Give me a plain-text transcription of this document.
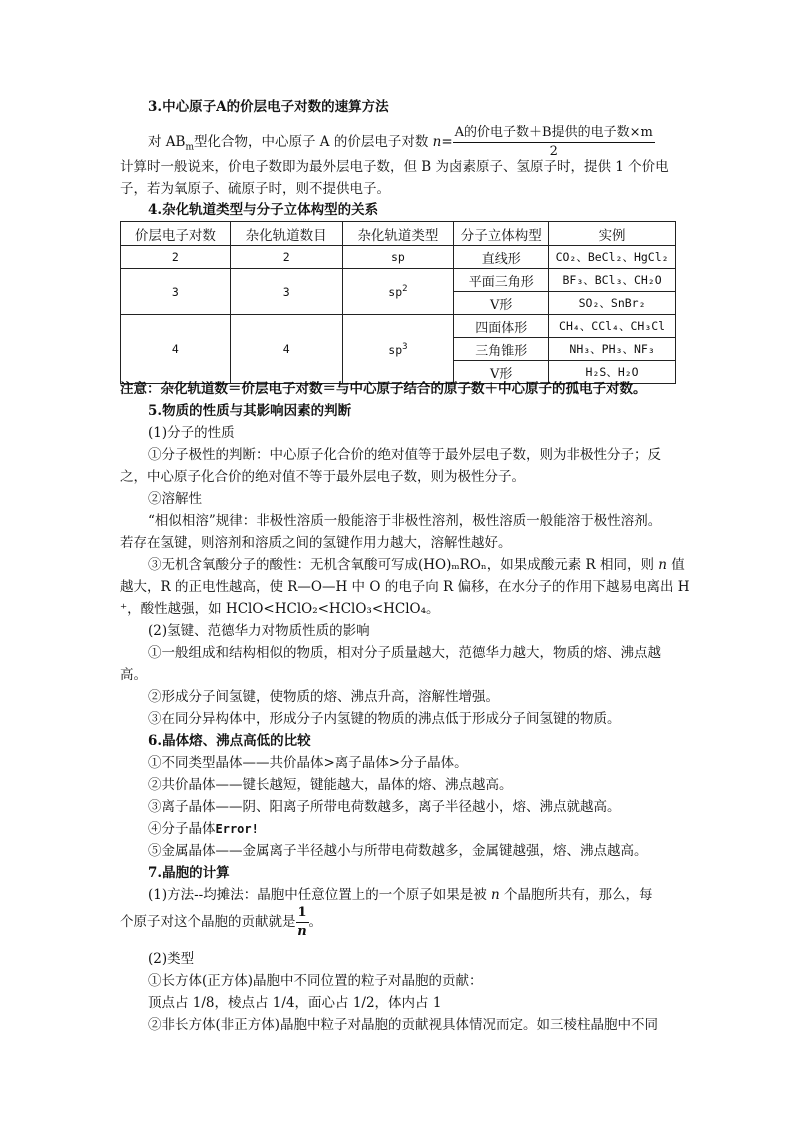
3.中心原子A的价层电子对数的速算方法
对 $AB_m$型化合物，中心原子 A 的价层电子对数 $n= \frac{\text{A的价电子数＋B提供的电子数×m}}{2}$
计算时一般说来，价电子数即为最外层电子数，但 B 为卤素原子、氢原子时，提供 1 个价电
子，若为氧原子、硫原子时，则不提供电子。
4.杂化轨道类型与分子立体构型的关系
价层电子对数	杂化轨道数目	杂化轨道类型	分子立体构型	实例
2	2	sp	直线形	CO₂、BeCl₂、HgCl₂
3	3	$sp^2$	平面三角形	BF₃、BCl₃、CH₂O
			V形	SO₂、SnBr₂
4	4	$sp^3$	四面体形	CH₄、CCl₄、CH₃Cl
			三角锥形	NH₃、PH₃、NF₃
			V形	H₂S、H₂O
注意：杂化轨道数＝价层电子对数＝与中心原子结合的原子数＋中心原子的孤电子对数。
5.物质的性质与其影响因素的判断
(1)分子的性质
①分子极性的判断：中心原子化合价的绝对值等于最外层电子数，则为非极性分子；反
之，中心原子化合价的绝对值不等于最外层电子数，则为极性分子。
②溶解性
“相似相溶”规律：非极性溶质一般能溶于非极性溶剂，极性溶质一般能溶于极性溶剂。
若存在氢键，则溶剂和溶质之间的氢键作用力越大，溶解性越好。
③无机含氧酸分子的酸性：无机含氧酸可写成(HO)ₘROₙ，如果成酸元素 R 相同，则 n 值
越大，R 的正电性越高，使 R—O—H 中 O 的电子向 R 偏移，在水分子的作用下越易电离出 H
⁺，酸性越强，如 HClO<HClO₂<HClO₃<HClO₄。
(2)氢键、范德华力对物质性质的影响
①一般组成和结构相似的物质，相对分子质量越大，范德华力越大，物质的熔、沸点越
高。
②形成分子间氢键，使物质的熔、沸点升高，溶解性增强。
③在同分异构体中，形成分子内氢键的物质的沸点低于形成分子间氢键的物质。
6.晶体熔、沸点高低的比较
①不同类型晶体——共价晶体>离子晶体>分子晶体。
②共价晶体——键长越短，键能越大，晶体的熔、沸点越高。
③离子晶体——阴、阳离子所带电荷数越多，离子半径越小，熔、沸点就越高。
④分子晶体Error!
⑤金属晶体——金属离子半径越小与所带电荷数越多，金属键越强，熔、沸点越高。
7.晶胞的计算
(1)方法--均摊法：晶胞中任意位置上的一个原子如果是被 n 个晶胞所共有，那么，每
个原子对这个晶胞的贡献就是 $\frac{1}{n}$ 。
(2)类型
①长方体(正方体)晶胞中不同位置的粒子对晶胞的贡献：
顶点占 1/8，棱点占 1/4，面心占 1/2，体内占 1
②非长方体(非正方体)晶胞中粒子对晶胞的贡献视具体情况而定。如三棱柱晶胞中不同
